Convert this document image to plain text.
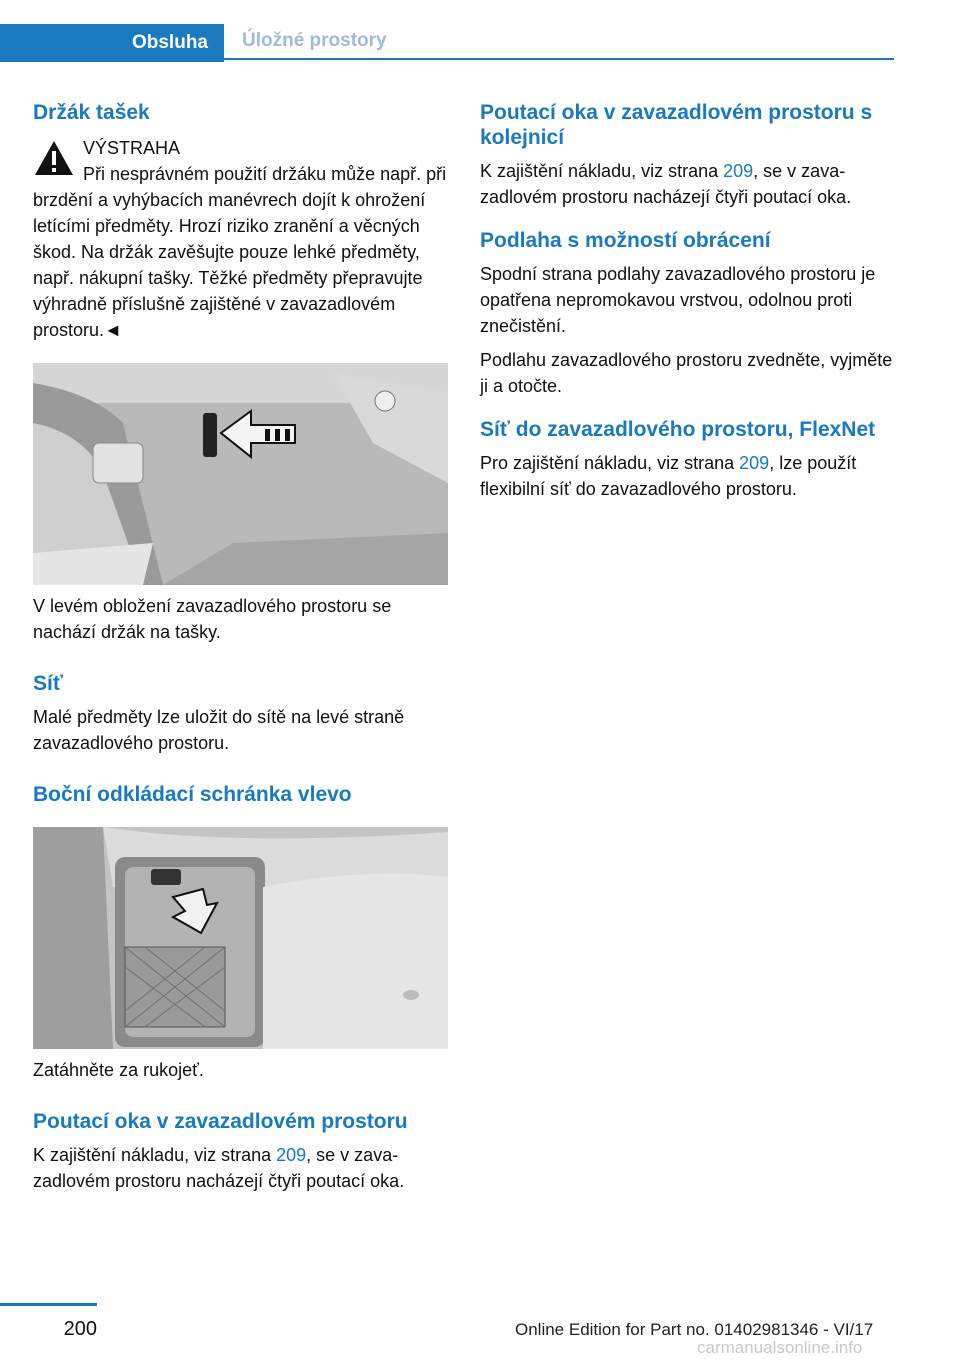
Obsluha	Úložné prostory
Držák tašek

VÝSTRAHA

Při nesprávném použití držáku může např. při brzdění a vyhýbacích manévrech dojít k ohrožení letícími předměty. Hrozí riziko zranění a věcných škod. Na držák zavěšujte pouze lehké předměty, např. nákupní tašky. Těžké předměty přepravujte výhradně příslušně zajištěné v zavazadlovém prostoru.◄

V levém obložení zavazadlového prostoru se nachází držák na tašky.

Síť

Malé předměty lze uložit do sítě na levé straně zavazadlového prostoru.

Boční odkládací schránka vlevo

Zatáhněte za rukojeť.

Poutací oka v zavazadlovém prostoru

K zajištění nákladu, viz strana 209, se v zavazadlovém prostoru nacházejí čtyři poutací oka.

Poutací oka v zavazadlovém prostoru s kolejnicí

K zajištění nákladu, viz strana 209, se v zavazadlovém prostoru nacházejí čtyři poutací oka.

Podlaha s možností obrácení

Spodní strana podlahy zavazadlového prostoru je opatřena nepromokavou vrstvou, odolnou proti znečistění.

Podlahu zavazadlového prostoru zvedněte, vyjměte ji a otočte.

Síť do zavazadlového prostoru, FlexNet

Pro zajištění nákladu, viz strana 209, lze použít flexibilní síť do zavazadlového prostoru.

200	Online Edition for Part no. 01402981346 - VI/17
carmanualsonline.info
